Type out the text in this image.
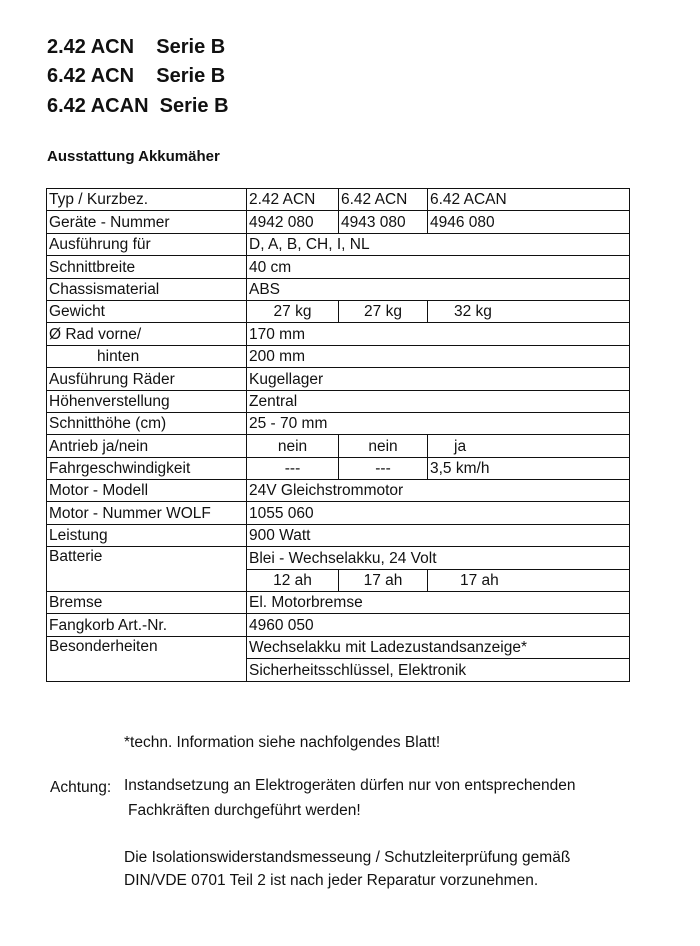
2.42 ACN    Serie B
6.42 ACN    Serie B
6.42 ACAN  Serie B
Ausstattung Akkumäher
Typ / Kurzbez.	2.42 ACN	6.42 ACN	6.42 ACAN
Geräte - Nummer	4942 080	4943 080	4946 080
Ausführung für	D, A, B, CH, I, NL		
Schnittbreite	40 cm		
Chassismaterial	ABS		
Gewicht	27 kg	27 kg	32 kg
Ø Rad vorne/	170 mm		
hinten	200 mm		
Ausführung Räder	Kugellager		
Höhenverstellung	Zentral		
Schnitthöhe (cm)	25 - 70 mm		
Antrieb ja/nein	nein	nein	ja
Fahrgeschwindigkeit	---	---	3,5 km/h
Motor - Modell	24V Gleichstrommotor		
Motor - Nummer WOLF	1055 060		
Leistung	900 Watt		
Batterie	Blei - Wechselakku, 24 Volt		
	12 ah	17 ah	17 ah
Bremse	El. Motorbremse		
Fangkorb Art.-Nr.	4960 050		
Besonderheiten	Wechselakku mit Ladezustandsanzeige*		
	Sicherheitsschlüssel, Elektronik		
*techn. Information siehe nachfolgendes Blatt!
Achtung: Instandsetzung an Elektrogeräten dürfen nur von entsprechenden
Fachkräften durchgeführt werden!
Die Isolationswiderstandsmesseung / Schutzleiterprüfung gemäß
DIN/VDE 0701 Teil 2 ist nach jeder Reparatur vorzunehmen.
